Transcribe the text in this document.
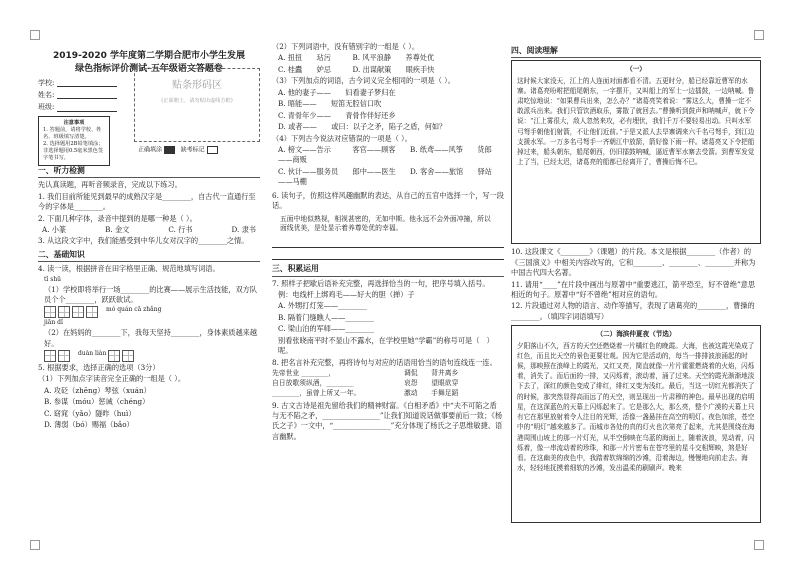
2019-2020 学年度第二学期合肥市小学生发展
绿色指标评价测试-五年级语文答题卷
学校:
姓名:
班级:
注意事项
1. 答题前，请将学校、姓名、班级填写清楚。
2. 选择题用2B铅笔填涂；非选择题用0.5毫米黑色签字笔书写。
贴条形码区
(正面朝上，请勿贴出虚线方框)
正确填涂	缺考标记
一、听力检测
先认真读题，再听音频录音，完成以下练习。
1. 我们目前所能见到最早的成熟汉字是________，自古代一直通行至今的字体是________。
2. 下面几种字体，录音中提到的是哪一种是（ ）。
A. 小篆	B. 金文	C. 行书	D. 隶书
3. 从这段文字中，我们能感受到中华儿女对汉字的________之情。
二、基础知识
4. 读一读，根据拼音在田字格里正确、规范地填写词语。
tǐ shū
（1）学校即将举行一场________的比赛——展示生活技能，双方队员个个________，跃跃欲试。
mó quán cā zhǎng
jiān dǐ
（2）在妈妈的________下，我每天坚持________，身体素质越来越好。
duàn liàn
5. 根据要求，选择正确的选项（3分）
（1）下列加点字读音完全正确的一组是（ ）。
A. 攻砭（zhēng）琴弦（xuán）
B. 参谋（móu）惩诫（chéng）
C. 窈窕（yǎo）隧昨（huì）
D. 薄弱（bó）赐福（bǎo）
（2）下列词语中，没有错别字的一组是（ ）。
A. 扭扭　　玷污　　　B. 风平浪静　　养尊处优
C. 桂蠹　　妒忌　　　D. 出谋献策　　眼疾手快
（3）下列加点的词语，古今词义完全相同的一项是（ ）。
A. 他的妻子——　　妇看妻子梦归在
B. 晤能——　　短笛无腔信口吹
C. 青骨年少——　　青骨作伴好还乡
D. 或者——　　或曰：以子之矛，陷子之盾，何如？
（4）下列古今说法对应错误的一项是（ ）。
A. 榜文——告示　　　客官——顾客　　B. 纸鸢——风筝　　货郎——商贩
C. 伙计——服务员　　郎中——医生　　D. 客舍——旅馆　　驿站——马棚
6. 读句子，仿照这样风趣幽默的表达，从自己的五官中选择一个，写一段话。
五面中地似熟视，相视甚密的，无如中斯。他永远不会外面冲撞，所以面线优美，是处显示着养尊处优的幸福。
三、积累运用
7. 照样子把歇后语补充完整，再选择恰当的一句，把序号填入括号。
例：电线杆上绑鸡毛——好大的胆（掸）子
A. 外甥打灯笼——________
B. 隔着门缝瞧人——________
C. 梁山泊的军师——________
别看张晓南平时不显山不露水，在学校里她“学霸”的称号可是（　）呢。
8. 把名言补充完整，再将诗句与对应的话语用恰当的语句连线连一连。
先帝世业 ________，
自日放歌须纵酒，________
________，虽曾上所又一年。
调侃　　背井离乡
哀怨　　望眼欲穿
激动　　手舞足蹈
9. 古文古诗是祖先留给我们的精神财富。《白相矛盾》中“夫不可陷之盾与无不陷之矛，________________”让我们知道说话做事要前后一致；《杨氏之子》一文中，“________________”充分体现了杨氏之子思维敏捷、语言幽默。
四、阅读理解
（一）
这时候大家没天，江上的人连面对面都看不清。五更时分，船已经靠近曹军的水寨。诸葛亮吩咐把船尾朝东，一字摆开，又叫船上的军士一边擂鼓，一边呐喊。鲁肃吃惊地说：“如果曹兵出来，怎么办？”诸葛亮笑着说：“雾这么大，曹操一定不敢派兵出来。我们只管饮酒取乐，雾散了就回去。”曹操听到鼓声和呐喊声，就下令说：“江上雾很大，敌人忽然来攻，必有埋伏，我们千万不要轻易出动。只叫水军弓弩手朝他们射箭，不让他们近前。”于是又派人去旱寨调来六千名弓弩手，到江边支援水军。一万多名弓弩手一齐朝江中放箭，箭好像下雨一样。诸葛亮又下令把船掉过来，船头朝东，船尾朝西，仍旧擂鼓呐喊，逼近曹军水寨去受箭。到曹军发觉上了当，已经太迟，诸葛亮的船都已经离开了，曹操后悔不已。
10. 这段课文《________》（课题）的片段。本文是根据________（作者）的《三国演义》中相关内容改写的，它和________、________、________并称为中国古代四大名著。
11. 请用“____”在片段中画出与原著中“重要逃江，箭平恐至，好不曾绝”意思相近的句子。原著中“好不曾绝”相对应的语句。
12. 片段通过对人物的语言、动作等描写，表现了诸葛亮的________，曹操的________。（填四字词语填写）
（二）海滨仲夏夜（节选）
夕阳落山不久，西方的天空还燃烧着一片橘红色的晚霞。大海，也被这霞光染成了红色，而且比天空的景色更要壮观。因为它是活动的，每当一排排波浪涌起的时候，那映照在浪峰上的霞光，又红又亮，简直就像一片片霍霍燃烧着的火焰，闪烁着，消失了。而后面的一排，又闪烁着，滚动着，涌了过来。天空的霞光渐渐地淡下去了，深红的颜色变成了绯红，绯红又变为浅红。最后，当这一切红光都消失了的时候，那突然显得高而远了的天空，则呈现出一片肃穆的神色。最早出现的启明星，在这深蓝色的天幕上闪烁起来了。它是那么大，那么亮，整个广漠的天幕上只有它在那里放射着令人注目的光辉，活像一盏悬挂在高空的明灯。夜色加浓，苍空中的“明灯”越来越多了。而城市各处的真的灯火也次第亮了起来，尤其是围绕在海港周围山坡上的那一片灯光，从半空倒映在乌蓝的海面上，随着波浪，晃动着，闪烁着，像一串流动着的珍珠，和那一片片密布在苍穹里的星斗交相辉映，煞是好看。在这幽美的夜色中，我踏着软绵绵的沙滩，沿着海边，慢慢地向前走去。海水，轻轻地抚摸着细软的沙滩，发出温柔的刷刷声。晚来
